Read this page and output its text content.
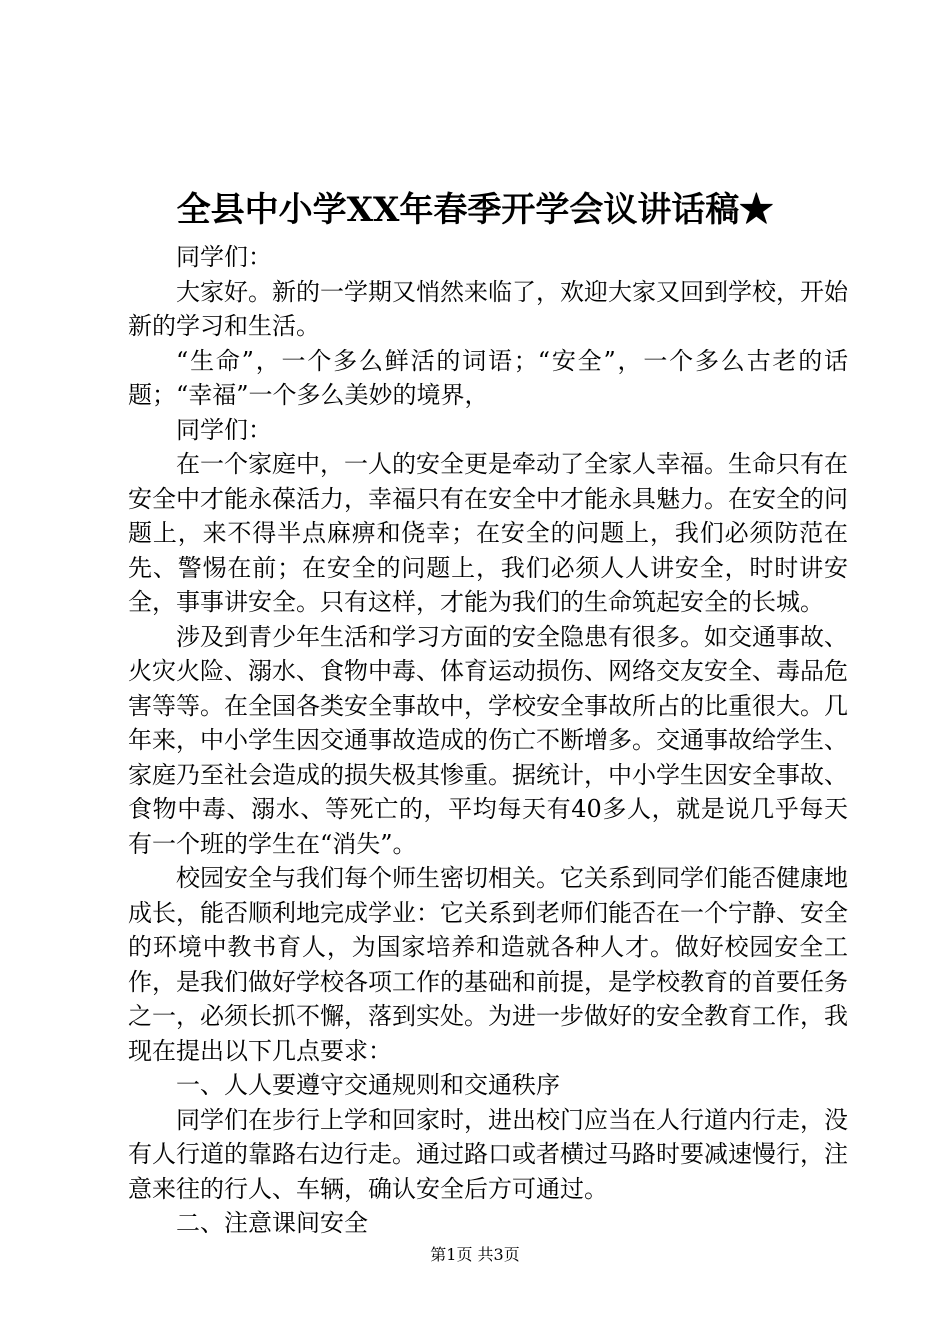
全县中小学XX年春季开学会议讲话稿★

同学们：

大家好。新的一学期又悄然来临了，欢迎大家又回到学校，开始新的学习和生活。

“生命”，一个多么鲜活的词语；“安全”，一个多么古老的话题；“幸福”一个多么美妙的境界，

同学们：

在一个家庭中，一人的安全更是牵动了全家人幸福。生命只有在安全中才能永葆活力，幸福只有在安全中才能永具魅力。在安全的问题上，来不得半点麻痹和侥幸；在安全的问题上，我们必须防范在先、警惕在前；在安全的问题上，我们必须人人讲安全，时时讲安全，事事讲安全。只有这样，才能为我们的生命筑起安全的长城。

涉及到青少年生活和学习方面的安全隐患有很多。如交通事故、火灾火险、溺水、食物中毒、体育运动损伤、网络交友安全、毒品危害等等。在全国各类安全事故中，学校安全事故所占的比重很大。几年来，中小学生因交通事故造成的伤亡不断增多。交通事故给学生、家庭乃至社会造成的损失极其惨重。据统计，中小学生因安全事故、食物中毒、溺水、等死亡的，平均每天有40多人，就是说几乎每天有一个班的学生在“消失”。

校园安全与我们每个师生密切相关。它关系到同学们能否健康地成长，能否顺利地完成学业：它关系到老师们能否在一个宁静、安全的环境中教书育人，为国家培养和造就各种人才。做好校园安全工作，是我们做好学校各项工作的基础和前提，是学校教育的首要任务之一，必须长抓不懈，落到实处。为进一步做好的安全教育工作，我现在提出以下几点要求：

一、人人要遵守交通规则和交通秩序

同学们在步行上学和回家时，进出校门应当在人行道内行走，没有人行道的靠路右边行走。通过路口或者横过马路时要减速慢行，注意来往的行人、车辆，确认安全后方可通过。

二、注意课间安全

第1页 共3页
